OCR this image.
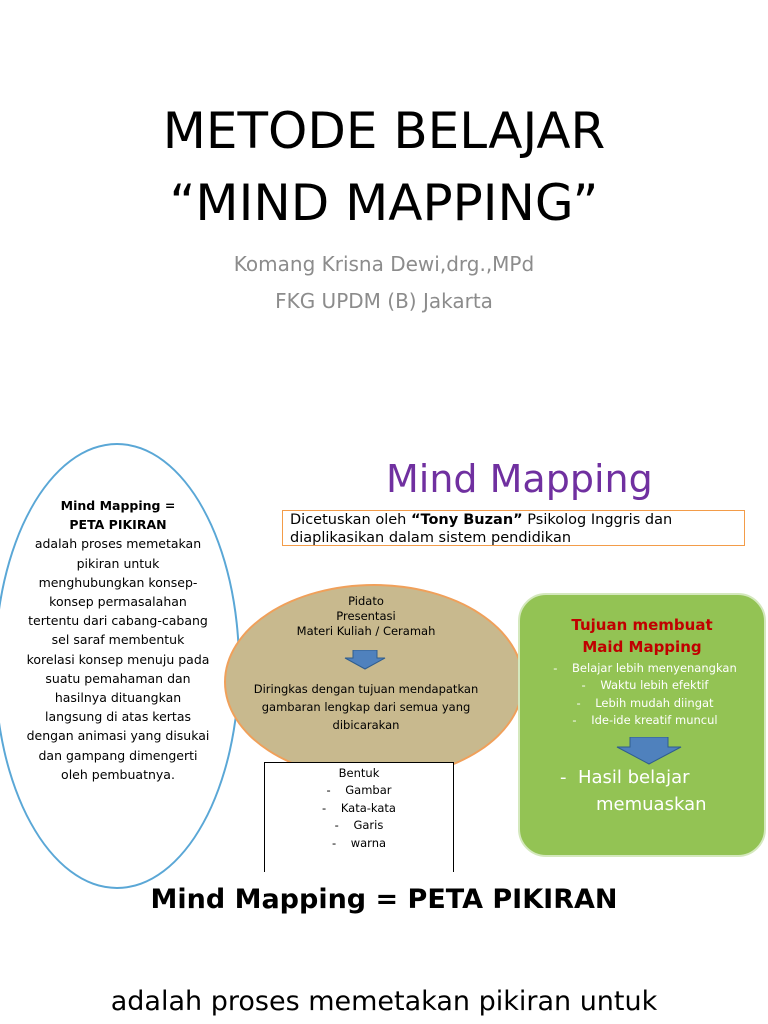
METODE BELAJAR
“MIND MAPPING”
Komang Krisna Dewi,drg.,MPd
FKG UPDM (B) Jakarta
Mind Mapping =
PETA PIKIRAN
adalah proses memetakan pikiran untuk menghubungkan konsep-konsep permasalahan tertentu dari cabang-cabang sel saraf membentuk korelasi konsep menuju pada suatu pemahaman dan hasilnya dituangkan langsung di atas kertas dengan animasi yang disukai dan gampang dimengerti oleh pembuatnya.
Mind Mapping
Dicetuskan oleh “Tony Buzan” Psikolog Inggris dan diaplikasikan dalam sistem pendidikan
Pidato
Presentasi
Materi Kuliah / Ceramah
Diringkas dengan tujuan mendapatkan gambaran lengkap dari semua yang dibicarakan
Bentuk
-    Gambar
-    Kata-kata
-    Garis
-    warna
Tujuan membuat
Maid Mapping
-    Belajar lebih menyenangkan
-    Waktu lebih efektif
-    Lebih mudah diingat
-    Ide-ide kreatif muncul
-  Hasil belajar
memuaskan
Mind Mapping = PETA PIKIRAN
adalah proses memetakan pikiran untuk
